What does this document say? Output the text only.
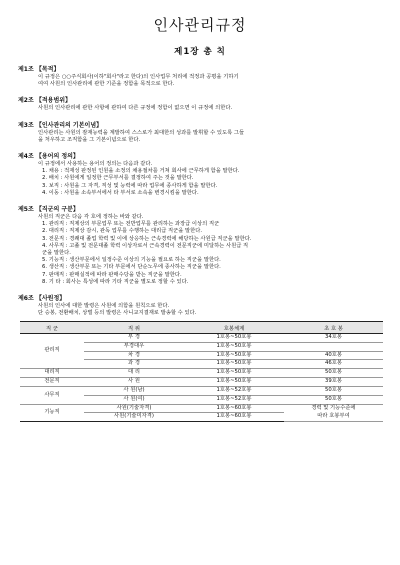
인사관리규정
제1장 총 칙
제1조 【목적】
이 규정은 ○○주식회사(이하"회사"라고 한다)의 인사업무 처리에 적정과 공평을 기하기
여여 사원의 인사관리에 관한 기준을 정함을 목적으로 한다.
제2조 【적용범위】
사원의 인사관리에 관한 사항에 관하여 다른 규정에 정함이 없으면 이 규정에 의한다.
제3조 【인사관리의 기본이념】
인사관리는 사원의 잠재능력을 계발하여 스스로가 최대한의 성과를 발휘할 수 있도록 그들
을 처우하고 조직함을 그 기본이념으로 한다.
제4조 【용어의 정의】
이 규정에서 사용하는 용어의 정의는 다음과 같다.
1. 채용 : 적재성 판정된 인원을 소정의 채용절차를 거쳐 회사에 근무하게 함을 말한다.
2. 배치 : 사원에게 일정한 근무부서를 결정하여 주는 것을 말한다.
3. 보직 : 사원을 그 자격, 직성 및 능력에 따라 업무에 종사하게 함을 말한다.
4. 이동 : 사원을 소속부서에서 타 부서로 소속을 변경시킴을 말한다.
제5조 【직군의 구분】
사원의 직군은 다음 각 호에 정하는 바와 같다.
1. 관리직 : 직제상의 부문업무 또는 전반업무를 관리하는 과장급 이상의 직군
2. 대리직 : 직제상 감시, 관독 업무를 수행하는 대리급 직군을 말한다.
3. 전문직 : 경쾌대 졸업 학력 및 이에 상응하는 근속경력에 해당하는 사원급 직군을 말한다.
4. 사무직 : 고졸 및 전문대졸 학력 이상자로서 근속경력이 전문직군에 미달하는 사원급 직
군을 말한다.
5. 기능직 : 생산부문에서 일정수준 이상의 기능을 필요로 하는 직군을 말한다.
6. 생산직 : 생산부문 또는 기타 부문에서 단순노무에 종사하는 직군을 말한다.
7. 판매직 : 판매실적에 따라 판매수당을 받는 직군을 말한다.
8. 기 타 : 회사는 특성에 따라 기타 직군을 별도로 정할 수 있다.
제6조 【사원정】
사원의 인사에 대한 발령은 사원에 의함을 원칙으로 한다.
단 승봉, 전환배치, 상벌 등의 발령은 사니교지결재로 발송할 수 있다.
직 군	직 위	호봉체계	초 호 봉
관리직	부 경	1호봉~50호봉	34호봉
	부경대우	1호봉~50호봉	
	차 경	1호봉~50호봉	40호봉
	과 경	1호봉~50호봉	46호봉
대리직	대 리	1호봉~50호봉	50호봉
전문직	사 원	1호봉~50호봉	39호봉
사무직	사 원(남)	1호봉~52호봉	50호봉
	사 원(여)	1호봉~52호봉	50호봉
기능직	사원(기술자격)	1호봉~60호봉	경력 및 기능수준에
따라 호봉부여

	사원(기술미자격)	1호봉~60호봉	
